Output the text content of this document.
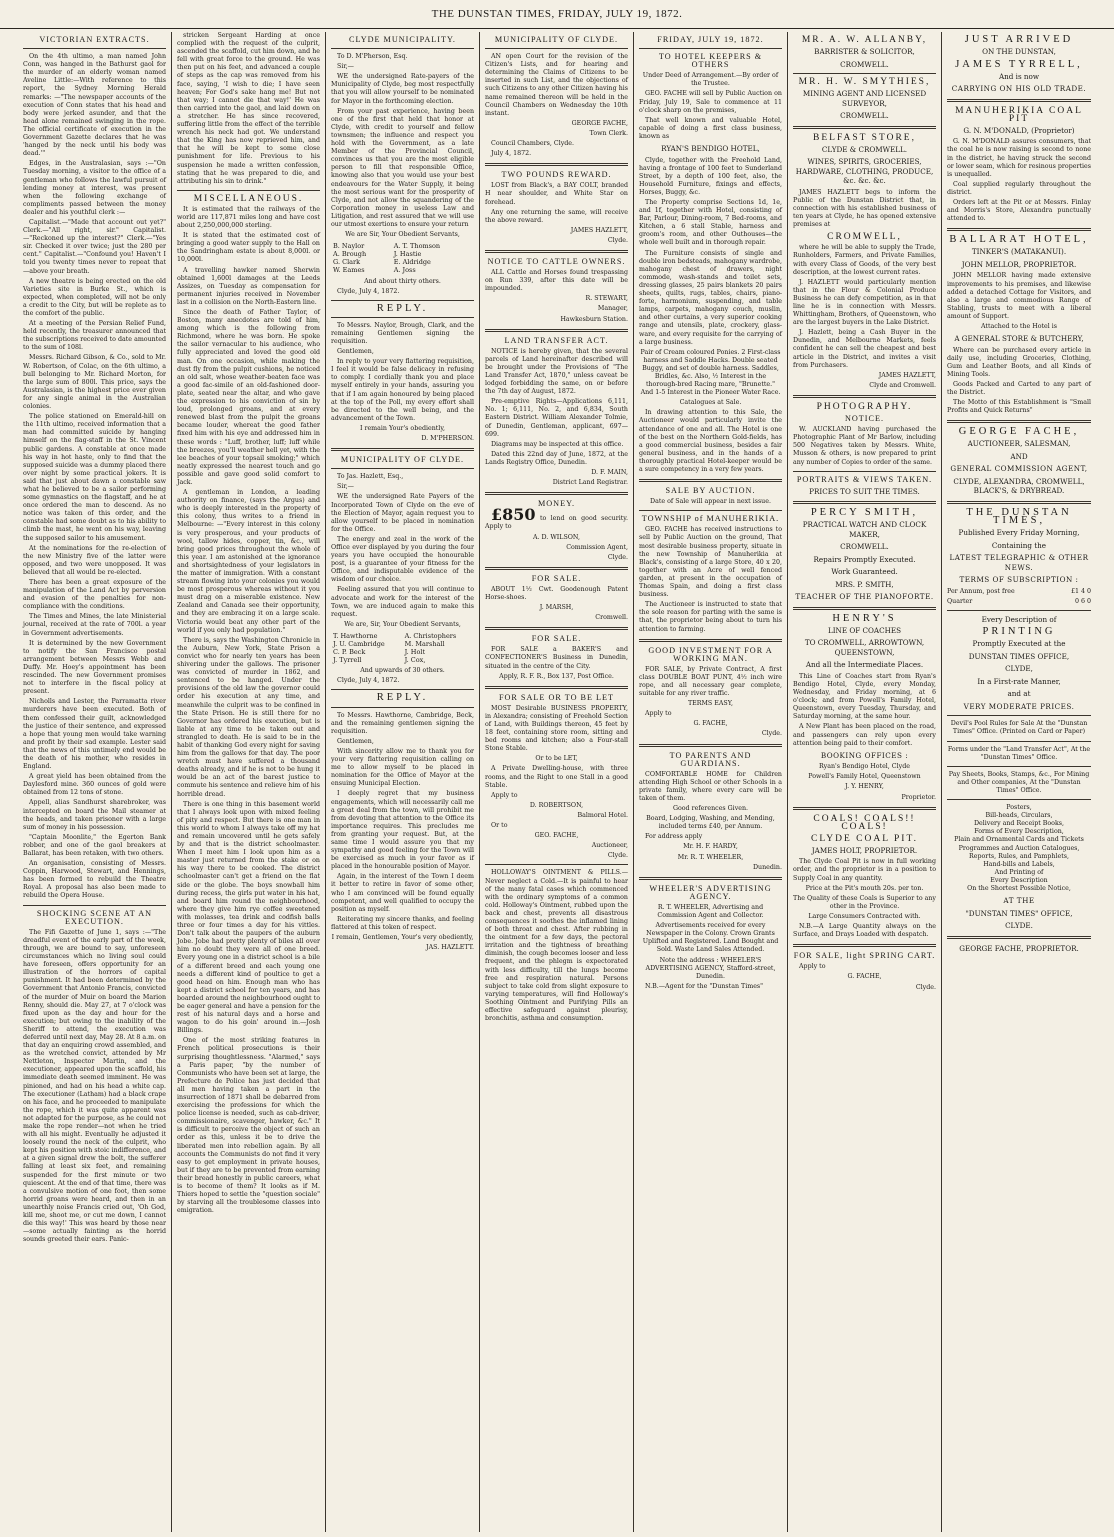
THE DUNSTAN TIMES, FRIDAY, JULY 19, 1872.
VICTORIAN EXTRACTS.

On the 4th ultimo, a man named John Conn, was hanged in the Bathurst gaol for the murder of an elderly woman named Aveline Little:—With reference to this report, the Sydney Morning Herald remarks: —"The newspaper accounts of the execution of Conn states that his head and body were jerked asunder, and that the head alone remained swinging in the rope. The official certificate of execution in the Government Gazette declares that he was 'hanged by the neck until his body was dead.'"

Edges, in the Australasian, says :—"On Tuesday morning, a visitor to the office of a gentleman who follows the lawful pursuit of lending money at interest, was present when the following exchange of compliments passed between the money dealer and his youthful clerk :—

Capitalist.—"Made that account out yet?" Clerk.—"All right, sir." Capitalist.—"Reckoned up the interest?" Clerk.—"Yes sir. Checked it over twice; just the 280 per cent." Capitalist.—"Confound you! Haven't I told you twenty times never to repeat that —above your breath.

A new theatre is being erected on the old Varieties site in Burke St., which is expected, when completed, will not be only a credit to the City, but will be replete as to the comfort of the public.

At a meeting of the Persian Relief Fund, held recently, the treasurer announced that the subscriptions received to date amounted to the sum of 108l.

Messrs. Richard Gibson, & Co., sold to Mr. W. Robertson, of Colac, on the 6th ultimo, a bull belonging to Mr. Richard Morton, for the large sum of 800l. This price, says the Australasian, is the highest price ever given for any single animal in the Australian colonies.

The police stationed on Emerald-hill on the 11th ultimo, received information that a man had committed suicide by hanging himself on the flag-staff in the St. Vincent public gardens. A constable at once made his way in hot haste, only to find that the supposed suicide was a dummy placed there over night by some practical jokers. It is said that just about dawn a constable saw what he believed to be a sailor performing some gymnastics on the flagstaff, and he at once ordered the man to descend. As no notice was taken of this order, and the constable had some doubt as to his ability to climb the mast, he went on his way, leaving the supposed sailor to his amusement.

At the nominations for the re-election of the new Ministry five of the latter were opposed, and two were unopposed. It was believed that all would be re-elected.

There has been a great exposure of the manipulation of the Land Act by perversion and evasion of the penalties for non-compliance with the conditions.

The Times and Mines, the late Ministerial journal, received at the rate of 700l. a year in Government advertisements.

It is determined by the new Government to notify the San Francisco postal arrangement between Messrs Webb and Duffy. Mr. Hoey's appointment has been rescinded. The new Government promises not to interfere in the fiscal policy at present.

Nicholls and Lester, the Parramatta river murderers have been executed. Both of them confessed their guilt, acknowledged the justice of their sentence, and expressed a hope that young men would take warning and profit by their sad example. Lester said that the news of this untimely end would be the death of his mother, who resides in England.

A great yield has been obtained from the Daylesford mine. 360 ounces of gold were obtained from 12 tons of stone.

Appell, alias Sandhurst sharebroker, was intercepted on board the Mail steamer at the heads, and taken prisoner with a large sum of money in his possession.

"Captain Moonlite," the Egerton Bank robber, and one of the gaol breakers at Ballarat, has been retaken, with two others.

An organisation, consisting of Messrs. Coppin, Harwood, Stewart, and Hennings, has been formed to rebuild the Theatre Royal. A proposal has also been made to rebuild the Opera House.

SHOCKING SCENE AT AN EXECUTION.

The Fifi Gazette of June 1, says :—"The dreadful event of the early part of the week, through, we are bound to say, unforeseen circumstances which no living soul could have foreseen, offers opportunity for an illustration of the horrors of capital punishment. It had been determined by the Government that Antonio Francis, convicted of the murder of Muir on board the Marion Renny, should die. May 27, at 7 o'clock was fixed upon as the day and hour for the execution; but owing to the inability of the Sheriff to attend, the execution was deferred until next day, May 28. At 8 a.m. on that day an enquiring crowd assembled, and as the wretched convict, attended by Mr Nettleton, Inspector Martin, and the executioner, appeared upon the scaffold, his immediate death seemed imminent. He was pinioned, and had on his head a white cap. The executioner (Latham) had a black crape on his face, and he proceeded to manipulate the rope, which it was quite apparent was not adapted for the purpose, as he could not make the rope render—not when he tried with all his might. Eventually he adjusted it loosely round the neck of the culprit, who kept his position with stoic indifference, and at a given signal drew the bolt, the sufferer falling at least six feet, and remaining suspended for the first minute or two quiescent. At the end of that time, there was a convulsive motion of one foot, then some horrid groans were heard, and then in an unearthly noise Francis cried out, 'Oh God, kill me, shoot me, or cut me down, I cannot die this way!' This was heard by those near—some actually fainting as the horrid sounds greeted their ears. Panic-

stricken Sergeant Harding at once complied with the request of the culprit, ascended the scaffold, cut him down, and he fell with great force to the ground. He was then put on his feet, and advanced a couple of steps as the cap was removed from his face, saying, 'I wish to die; I have seen heaven; For God's sake hang me! But not that way; I cannot die that way!' He was then carried into the gaol, and laid down on a stretcher. He has since recovered, suffering little from the effect of the terrible wrench his neck had got. We understand that the King has now reprieved him, and that he will be kept to some close punishment for life. Previous to his suspension he made a written confession, stating that he was prepared to die, and attributing his sin to drink."

MISCELLANEOUS.

It is estimated that the railways of the world are 117,871 miles long and have cost about 2,250,000,000 sterling.

It is stated that the estimated cost of bringing a good water supply to the Hall on the Sandringham estate is about 8,000l. or 10,000l.

A travelling hawker named Sherwin obtained 1,600l damages at the Leeds Assizes, on Tuesday as compensation for permanent injuries received in November last in a collision on the North-Eastern line.

Since the death of Father Taylor, of Boston, many anecdotes are told of him, among which is the following from Richmond, where he was born. He spoke the sailor vernacular to his audience, who fully appreciated and loved the good old man. On one occasion, while making the dust fly from the pulpit cushions, he noticed an old salt, whose weather-beaten face was a good fac-simile of an old-fashioned door-plate, seated near the altar, and who gave the expression to his conviction of sin by loud, prolonged groans, and at every renewed blast from the pulpit the groans became louder, whereat the good father fixed him with his eye and addressed him in these words : "Luff, brother, luff; luff while the breezes, you'll weather hell yet, with the lee beaches of your topsail smoking;" which neatly expressed the nearest touch and go possible and gave good solid comfort to Jack.

A gentleman in London, a leading authority on finance, (says the Argus) and who is deeply interested in the property of this colony, thus writes to a friend in Melbourne: —"Every interest in this colony is very prosperous, and your products of wool, tallow hides, copper, tin, &c., will bring good prices throughout the whole of this year. I am astonished at the ignorance and shortsightedness of your legislators in the matter of immigration. With a constant stream flowing into your colonies you would be most prosperous whereas without it you must drag on a miserable existence. New Zealand and Canada see their opportunity, and they are embracing it on a large scale. Victoria would beat any other part of the world if you only had population."

There is, says the Washington Chronicle in the Auburn, New York, State Prison a convict who for nearly ten years has been shivering under the gallows. The prisoner was convicted of murder in 1862, and sentenced to be hanged. Under the provisions of the old law the governor could order his execution at any time, and meanwhile the culprit was to be confined in the State Prison. He is still there for no Governor has ordered his execution, but is liable at any time to be taken out and strangled to death. He is said to be in the habit of thanking God every night for saving him from the gallows for that day. The poor wretch must have suffered a thousand deaths already, and if he is not to be hung it would be an act of the barest justice to commute his sentence and relieve him of his horrible dread.

There is one thing in this basement world that I always look upon with mixed feeling of pity and respect. But there is one man in this world to whom I always take off my hat and remain uncovered until he gets safely by and that is the district schoolmaster. When I meet him I look upon him as a master just returned from the stake or on his way there to be cooked. The district schoolmaster can't get a friend on the flat side or the globe. The boys snowball him during recess, the girls put water in his hat, and board him round the neighbourhood, where they give him rye coffee sweetened with molasses, tea drink and codfish balls three or four times a day for his vittles. Don't talk about the paupers of the auburn Jobe. Jobe had pretty plenty of biles all over him no doubt they were all of one breed. Every young one in a district school is a bile of a different breed and each young one needs a different kind of poultice to get a good head on him. Enough man who has kept a district school for ten years, and has boarded around the neighbourhood ought to be eager general and have a pension for the rest of his natural days and a horse and wagon to do his goin' around in.—Josh Billings.

One of the most striking features in French political prosecutions is their surprising thoughtlessness. "Alarmed," says a Paris paper, "by the number of Communists who have been set at large, the Prefecture de Police has just decided that all men having taken a part in the insurrection of 1871 shall be debarred from exercising the professions for which the police license is needed, such as cab-driver, commissionaire, scavenger, hawker, &c." It is difficult to perceive the object of such an order as this, unless it be to drive the liberated men into rebellion again. By all accounts the Communists do not find it very easy to get employment in private houses, but if they are to be prevented from earning their bread honestly in public careers, what is to become of them? It looks as if M. Thiers hoped to settle the "question sociale" by starving all the troublesome classes into emigration.

CLYDE MUNICIPALITY.

To D. M'Pherson, Esq.

Sir,—

WE the undersigned Rate-payers of the Municipality of Clyde, beg most respectfully that you will allow yourself to be nominated for Mayor in the forthcoming election.

From your past experience, having been one of the first that held that honor at Clyde, with credit to yourself and fellow townsmen; the influence and respect you hold with the Government, as a late Member of the Provincial Council, convinces us that you are the most eligible person to fill that responsible Office, knowing also that you would use your best endeavours for the Water Supply, it being the most serious want for the prosperity of Clyde, and not allow the squandering of the Corporation money in useless Law and Litigation, and rest assured that we will use our utmost exertions to ensure your return

We are Sir, Your Obedient Servants,

B. Naylor	A. T. Thomson
A. Brough	J. Hastie
G. Clark	E. Aldridge
W. Eames	A. Joss

And about thirty others.

Clyde, July 4, 1872.

REPLY.

To Messrs. Naylor, Brough, Clark, and the remaining Gentlemen signing the requisition.

Gentlemen,

In reply to your very flattering requisition, I feel it would be false delicacy in refusing to comply. I cordially thank you and place myself entirely in your hands, assuring you that if I am again honoured by being placed at the top of the Poll, my every effort shall be directed to the well being, and the advancement of the Town.

I remain Your's obediently,

D. M'PHERSON.

MUNICIPALITY OF CLYDE.

To Jas. Hazlett, Esq.,

Sir,—

WE the undersigned Rate Payers of the Incorporated Town of Clyde on the eve of the Election of Mayor, again request you to allow yourself to be placed in nomination for the Office.

The energy and zeal in the work of the Office ever displayed by you during the four years you have occupied the honourable post, is a guarantee of your fitness for the Office, and indisputable evidence of the wisdom of our choice.

Feeling assured that you will continue to advocate and work for the interest of the Town, we are induced again to make this request.

We are, Sir, Your Obedient Servants,

T. Hawthorne	A. Christophers
J. U. Cambridge	M. Marshall
C. P. Beck	J. Holt
J. Tyrrell	J. Cox,

And upwards of 30 others.

Clyde, July 4, 1872.

REPLY.

To Messrs. Hawthorne, Cambridge, Beck, and the remaining gentlemen signing the requisition.

Gentlemen,

With sincerity allow me to thank you for your very flattering requisition calling on me to allow myself to be placed in nomination for the Office of Mayor at the ensuing Municipal Election.

I deeply regret that my business engagements, which will necessarily call me a great deal from the town, will prohibit me from devoting that attention to the Office its importance requires. This precludes me from granting your request. But, at the same time I would assure you that my sympathy and good feeling for the Town will be exercised as much in your favor as if placed in the honourable position of Mayor.

Again, in the interest of the Town I deem it better to retire in favor of some other, who I am convinced will be found equally competent, and well qualified to occupy the position as myself.

Reiterating my sincere thanks, and feeling flattered at this token of respect.

I remain, Gentlemen, Your's very obediently,

JAS. HAZLETT.

MUNICIPALITY OF CLYDE.

AN open Court for the revision of the Citizen's Lists, and for hearing and determining the Claims of Citizens to be inserted in such List, and the objections of such Citizens to any other Citizen having his name remained thereon will be held in the Council Chambers on Wednesday the 10th instant.

GEORGE FACHE,

Town Clerk.

Council Chambers, Clyde.

July 4, 1872.

TWO POUNDS REWARD.

LOST from Black's, a BAY COLT, branded H near shoulder, and White Star on forehead.

Any one returning the same, will receive the above reward.

JAMES HAZLETT,

Clyde.

NOTICE TO CATTLE OWNERS.

ALL Cattle and Horses found trespassing on Run 339, after this date will be impounded.

R. STEWART,

Manager,

Hawkesburn Station.

LAND TRANSFER ACT.

NOTICE is hereby given, that the several parcels of Land hereinafter described will be brought under the Provisions of "The Land Transfer Act, 1870," unless caveat be lodged forbidding the same, on or before the 7th day of August, 1872.

Pre-emptive Rights—Applications 6,111, No. 1; 6,111, No. 2, and 6,834, South Eastern District. William Alexander Tolmie, of Dunedin, Gentleman, applicant, 697—699.

Diagrams may be inspected at this office.

Dated this 22nd day of June, 1872, at the Lands Registry Office, Dunedin.

D. F. MAIN,

District Land Registrar.

MONEY.

£850 to lend on good security. Apply to

A. D. WILSON,

Commission Agent,

Clyde.

FOR SALE.

ABOUT 1½ Cwt. Goodenough Patent Horse-shoes.

J. MARSH,

Cromwell.

FOR SALE.

FOR SALE a BAKER'S and CONFECTIONER'S Business in Dunedin, situated in the centre of the City.

Apply, R. F. R., Box 137, Post Office.

FOR SALE OR TO BE LET

MOST Desirable BUSINESS PROPERTY, in Alexandra; consisting of Freehold Section of Land, with Buildings thereon, 45 feet by 18 feet, containing store room, sitting and bed rooms and kitchen; also a Four-stall Stone Stable.

Or to be LET,

A Private Dwelling-house, with three rooms, and the Right to one Stall in a good Stable.

Apply to

D. ROBERTSON,

Balmoral Hotel.

Or to

GEO. FACHE,

Auctioneer,

Clyde.

HOLLOWAY'S OINTMENT & PILLS.—Never neglect a Cold.—It is painful to hear of the many fatal cases which commenced with the ordinary symptoms of a common cold. Holloway's Ointment, rubbed upon the back and chest, prevents all disastrous consequences it soothes the inflamed lining of both throat and chest. After rubbing in the ointment for a few days, the pectoral irritation and the tightness of breathing diminish, the cough becomes looser and less frequent, and the phlegm is expectorated with less difficulty, till the lungs become free and respiration natural. Persons subject to take cold from slight exposure to varying temperatures, will find Holloway's Soothing Ointment and Purifying Pills an effective safeguard against pleurisy, bronchitis, asthma and consumption.

FRIDAY, JULY 19, 1872.
TO HOTEL KEEPERS & OTHERS

Under Deed of Arrangement.—By order of the Trustee.

GEO. FACHE will sell by Public Auction on Friday, July 19, Sale to commence at 11 o'clock sharp on the premises,

That well known and valuable Hotel, capable of doing a first class business, known as

RYAN'S BENDIGO HOTEL,

Clyde, together with the Freehold Land, having a frontage of 100 feet to Sunderland Street, by a depth of 100 feet, also, the Household Furniture, fixings and effects, Horses, Buggy, &c.

The Property comprise Sections 1d, 1e, and 1f, together with Hotel, consisting of Bar, Parlour, Dining-room, 7 Bed-rooms, and Kitchen, a 6 stall Stable, harness and groom's room, and other Outhouses—the whole well built and in thorough repair.

The Furniture consists of single and double iron bedsteads, mahogany wardrobe, mahogany chest of drawers, night commode, wash-stands and toilet sets, dressing glasses, 25 pairs blankets 20 pairs sheets, quilts, rugs, tables, chairs, piano-forte, harmonium, suspending, and table lamps, carpets, mahogany couch, muslin, and other curtains, a very superior cooking range and utensils, plate, crockery, glass-ware, and every requisite for the carrying of a large business.

Pair of Cream coloured Ponies. 2 First-class harness and Saddle Hacks. Double seated Buggy, and set of double harness. Saddles, Bridles, &c. Also, ½ Interest in the thorough-bred Racing mare, "Brunette." And 1-5 Interest in the Pioneer Water Race.

Catalogues at Sale.

In drawing attention to this Sale, the Auctioneer would particularly invite the attendance of one and all. The Hotel is one of the best on the Northern Gold-fields, has a good commercial business, besides a fair general business, and in the hands of a thoroughly practical Hotel-keeper would be a sure competency in a very few years.

SALE BY AUCTION.

Date of Sale will appear in next issue.

TOWNSHIP of MANUHERIKIA.

GEO. FACHE has received instructions to sell by Public Auction on the ground, That most desirable business property, situate in the new Township of Manuherikia at Black's, consisting of a large Store, 40 x 20, together with an Acre of well fenced garden, at present in the occupation of Thomas Spain, and doing a first class business.

The Auctioneer is instructed to state that the sole reason for parting with the same is that, the proprietor being about to turn his attention to farming.

GOOD INVESTMENT FOR A WORKING MAN.

FOR SALE, by Private Contract, A first class DOUBLE BOAT PUNT, 4½ inch wire rope, and all necessary gear complete, suitable for any river traffic.

TERMS EASY,

Apply to

G. FACHE,

Clyde.

TO PARENTS AND GUARDIANS.

COMFORTABLE HOME for Children attending High School or other Schools in a private family, where every care will be taken of them.

Good references Given.

Board, Lodging, Washing, and Mending, included terms £40, per Annum.

For address apply

Mr. H. F. HARDY,

Mr. R. T. WHEELER,

Dunedin.

WHEELER'S ADVERTISING AGENCY.

R. T. WHEELER, Advertising and Commission Agent and Collector.

Advertisements received for every Newspaper in the Colony. Crown Grants Uplifted and Registered. Land Bought and Sold. Waste Land Sales Attended.

Note the address : WHEELER'S ADVERTISING AGENCY, Stafford-street, Dunedin.

N.B.—Agent for the "Dunstan Times"

MR. A. W. ALLANBY,
BARRISTER & SOLICITOR,
CROMWELL.
MR. H. W. SMYTHIES,
MINING AGENT AND LICENSED SURVEYOR,
CROMWELL.
BELFAST STORE,
CLYDE & CROMWELL.
WINES, SPIRITS, GROCERIES, HARDWARE, CLOTHING, PRODUCE, &c. &c. &c.

JAMES HAZLETT begs to inform the Public of the Dunstan District that, in connection with his established business of ten years at Clyde, he has opened extensive premises at

CROMWELL,

where he will be able to supply the Trade, Runholders, Farmers, and Private Families, with every Class of Goods, of the very best description, at the lowest current rates.

J. HAZLETT would particularly mention that in the Flour & Colonial Produce Business he can defy competition, as in that line he is in connection with Messrs. Whittingham, Brothers, of Queenstown, who are the largest buyers in the Lake District.

J. Hazlett, being a Cash Buyer in the Dunedin, and Melbourne Markets, feels confident he can sell the cheapest and best article in the District, and invites a visit from Purchasers.

JAMES HAZLETT,

Clyde and Cromwell.

PHOTOGRAPHY.
NOTICE.

W. AUCKLAND having purchased the Photographic Plant of Mr Barlow, including 500 Negatives taken by Messrs. White, Musson & others, is now prepared to print any number of Copies to order of the same.

PORTRAITS & VIEWS TAKEN.
PRICES TO SUIT THE TIMES.
PERCY SMITH,
PRACTICAL WATCH AND CLOCK MAKER,
CROMWELL.
Repairs Promptly Executed.
Work Guaranteed.
MRS. P. SMITH,
TEACHER OF THE PIANOFORTE.
HENRY'S
LINE OF COACHES
TO CROMWELL, ARROWTOWN, QUEENSTOWN,
And all the Intermediate Places.

This Line of Coaches start from Ryan's Bendigo Hotel, Clyde, every Monday, Wednesday, and Friday morning, at 6 o'clock; and from Powell's Family Hotel, Queenstown, every Tuesday, Thursday, and Saturday morning, at the same hour.

A New Plant has been placed on the road, and passengers can rely upon every attention being paid to their comfort.

BOOKING OFFICES :

Ryan's Bendigo Hotel, Clyde

Powell's Family Hotel, Queenstown

J. Y. HENRY,

Proprietor.

COALS! COALS!! COALS!
CLYDE COAL PIT.
JAMES HOLT, PROPRIETOR.

The Clyde Coal Pit is now in full working order, and the proprietor is in a position to Supply Coal in any quantity.

Price at the Pit's mouth 20s. per ton.

The Quality of these Coals is Superior to any other in the Province.

Large Consumers Contracted with.

N.B.—A Large Quantity always on the Surface, and Drays Loaded with despatch.

FOR SALE, light SPRING CART.

Apply to

G. FACHE,

Clyde.

JUST ARRIVED
ON THE DUNSTAN,
JAMES TYRRELL,
And is now
CARRYING ON HIS OLD TRADE.
MANUHERIKIA COAL PIT
G. N. M'DONALD, (Proprietor)

G. N. M'DONALD assures consumers, that the coal he is now raising is second to none in the district, he having struck the second or lower seam, which for resinous properties is unequalled.

Coal supplied regularly throughout the district.

Orders left at the Pit or at Messrs. Finlay and Morris's Store, Alexandra punctually attended to.

BALLARAT HOTEL,
TINKER'S (MATAKANUI).
JOHN MELLOR, PROPRIETOR.

JOHN MELLOR having made extensive improvements to his premises, and likewise added a detached Cottage for Visitors, and also a large and commodious Range of Stabling, trusts to meet with a liberal amount of Support.

Attached to the Hotel is

A GENERAL STORE & BUTCHERY,

Where can be purchased every article in daily use, including Groceries, Clothing, Gum and Leather Boots, and all Kinds of Mining Tools.

Goods Packed and Carted to any part of the District.

The Motto of this Establishment is "Small Profits and Quick Returns"

GEORGE FACHE,
AUCTIONEER, SALESMAN,
AND
GENERAL COMMISSION AGENT,
CLYDE, ALEXANDRA, CROMWELL, BLACK'S, & DRYBREAD.
THE DUNSTAN TIMES,
Published Every Friday Morning,
Containing the
LATEST TELEGRAPHIC & OTHER NEWS.
TERMS OF SUBSCRIPTION :

Per Annum, post free	£1 4 0

Quarter	0 6 0

Every Description of
PRINTING
Promptly Executed at the
DUNSTAN TIMES OFFICE,
CLYDE,
In a First-rate Manner,
and at
VERY MODERATE PRICES.

Devil's Pool Rules for Sale At the "Dunstan Times" Office. (Printed on Card or Paper)

Forms under the "Land Transfer Act", At the "Dunstan Times" Office.

Pay Sheets, Books, Stamps, &c., For Mining and Other companies, At the "Dunstan Times" Office.

Posters,
Bill-heads, Circulars,
Delivery and Receipt Books,
Forms of Every Description,
Plain and Ornamental Cards and Tickets
Programmes and Auction Catalogues,
Reports, Rules, and Pamphlets,
Hand-bills and Labels,
And Printing of
Every Description
On the Shortest Possible Notice,
AT THE
"DUNSTAN TIMES" OFFICE,
CLYDE.
GEORGE FACHE, PROPRIETOR.
